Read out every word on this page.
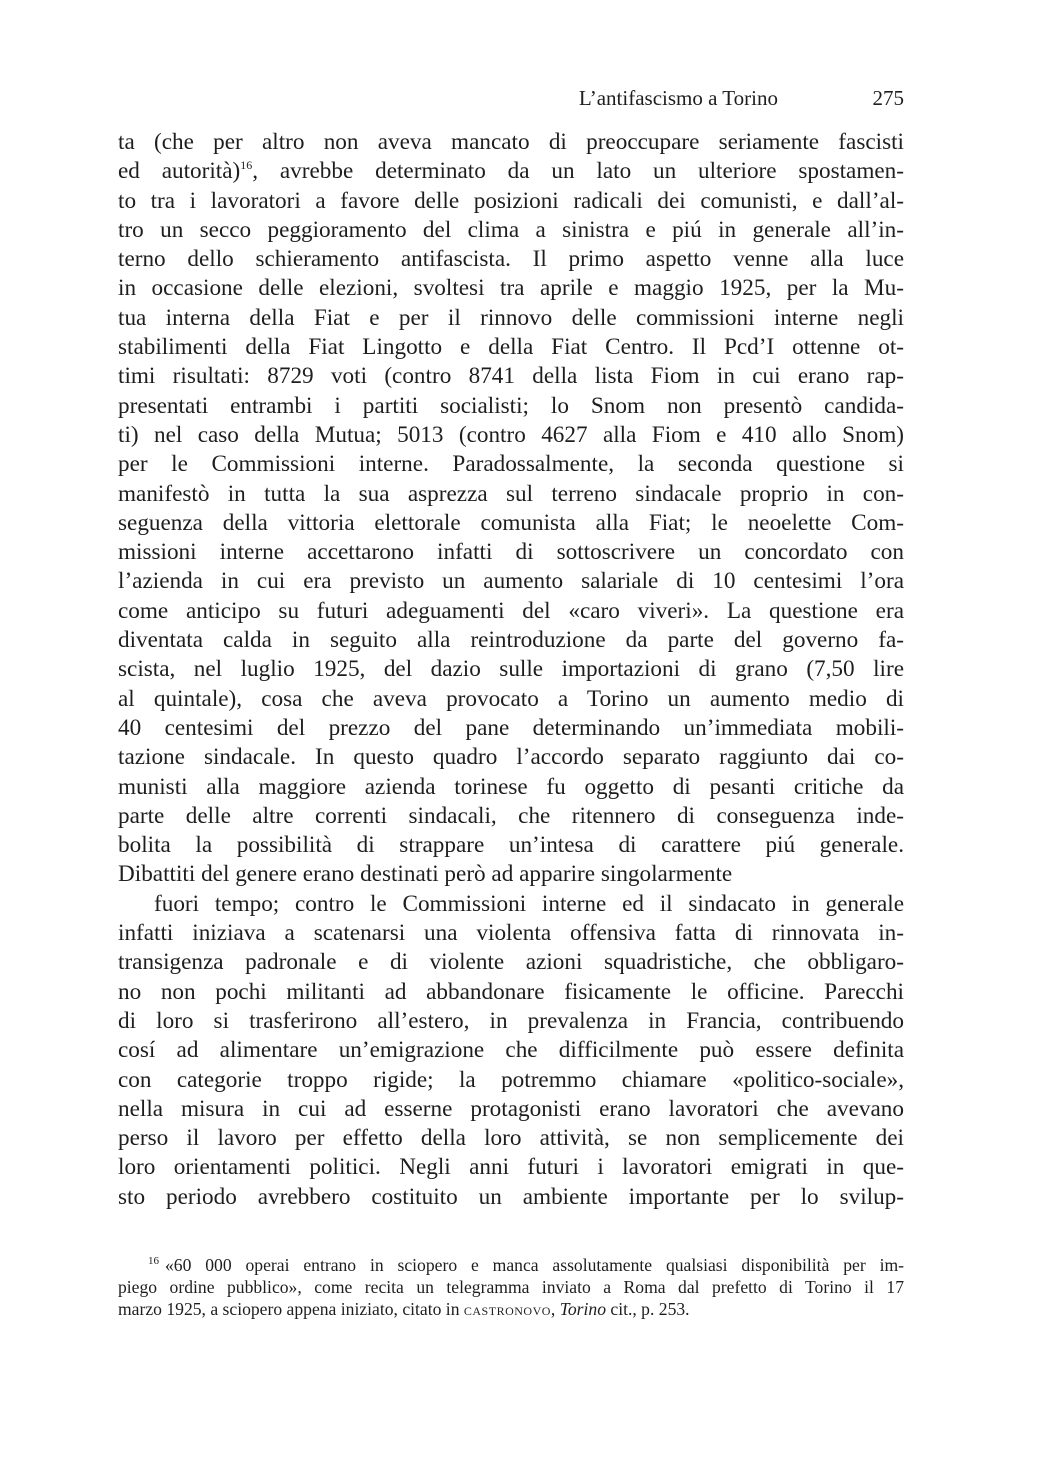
L’antifascismo a Torino	275
ta (che per altro non aveva mancato di preoccupare seriamente fascisti
ed autorità)$^{16}$, avrebbe determinato da un lato un ulteriore spostamen-
to tra i lavoratori a favore delle posizioni radicali dei comunisti, e dall’al-
tro un secco peggioramento del clima a sinistra e piú in generale all’in-
terno dello schieramento antifascista. Il primo aspetto venne alla luce
in occasione delle elezioni, svoltesi tra aprile e maggio 1925, per la Mu-
tua interna della Fiat e per il rinnovo delle commissioni interne negli
stabilimenti della Fiat Lingotto e della Fiat Centro. Il Pcd’I ottenne ot-
timi risultati: 8729 voti (contro 8741 della lista Fiom in cui erano rap-
presentati entrambi i partiti socialisti; lo Snom non presentò candida-
ti) nel caso della Mutua; 5013 (contro 4627 alla Fiom e 410 allo Snom)
per le Commissioni interne. Paradossalmente, la seconda questione si
manifestò in tutta la sua asprezza sul terreno sindacale proprio in con-
seguenza della vittoria elettorale comunista alla Fiat; le neoelette Com-
missioni interne accettarono infatti di sottoscrivere un concordato con
l’azienda in cui era previsto un aumento salariale di 10 centesimi l’ora
come anticipo su futuri adeguamenti del «caro viveri». La questione era
diventata calda in seguito alla reintroduzione da parte del governo fa-
scista, nel luglio 1925, del dazio sulle importazioni di grano (7,50 lire
al quintale), cosa che aveva provocato a Torino un aumento medio di
40 centesimi del prezzo del pane determinando un’immediata mobili-
tazione sindacale. In questo quadro l’accordo separato raggiunto dai co-
munisti alla maggiore azienda torinese fu oggetto di pesanti critiche da
parte delle altre correnti sindacali, che ritennero di conseguenza inde-
bolita la possibilità di strappare un’intesa di carattere piú generale.
Dibattiti del genere erano destinati però ad apparire singolarmente
fuori tempo; contro le Commissioni interne ed il sindacato in generale
infatti iniziava a scatenarsi una violenta offensiva fatta di rinnovata in-
transigenza padronale e di violente azioni squadristiche, che obbligaro-
no non pochi militanti ad abbandonare fisicamente le officine. Parecchi
di loro si trasferirono all’estero, in prevalenza in Francia, contribuendo
cosí ad alimentare un’emigrazione che difficilmente può essere definita
con categorie troppo rigide; la potremmo chiamare «politico-sociale»,
nella misura in cui ad esserne protagonisti erano lavoratori che avevano
perso il lavoro per effetto della loro attività, se non semplicemente dei
loro orientamenti politici. Negli anni futuri i lavoratori emigrati in que-
sto periodo avrebbero costituito un ambiente importante per lo svilup-
$^{16}$ «60 000 operai entrano in sciopero e manca assolutamente qualsiasi disponibilità per im-
piego ordine pubblico», come recita un telegramma inviato a Roma dal prefetto di Torino il 17
marzo 1925, a sciopero appena iniziato, citato in castronovo, Torino cit., p. 253.
